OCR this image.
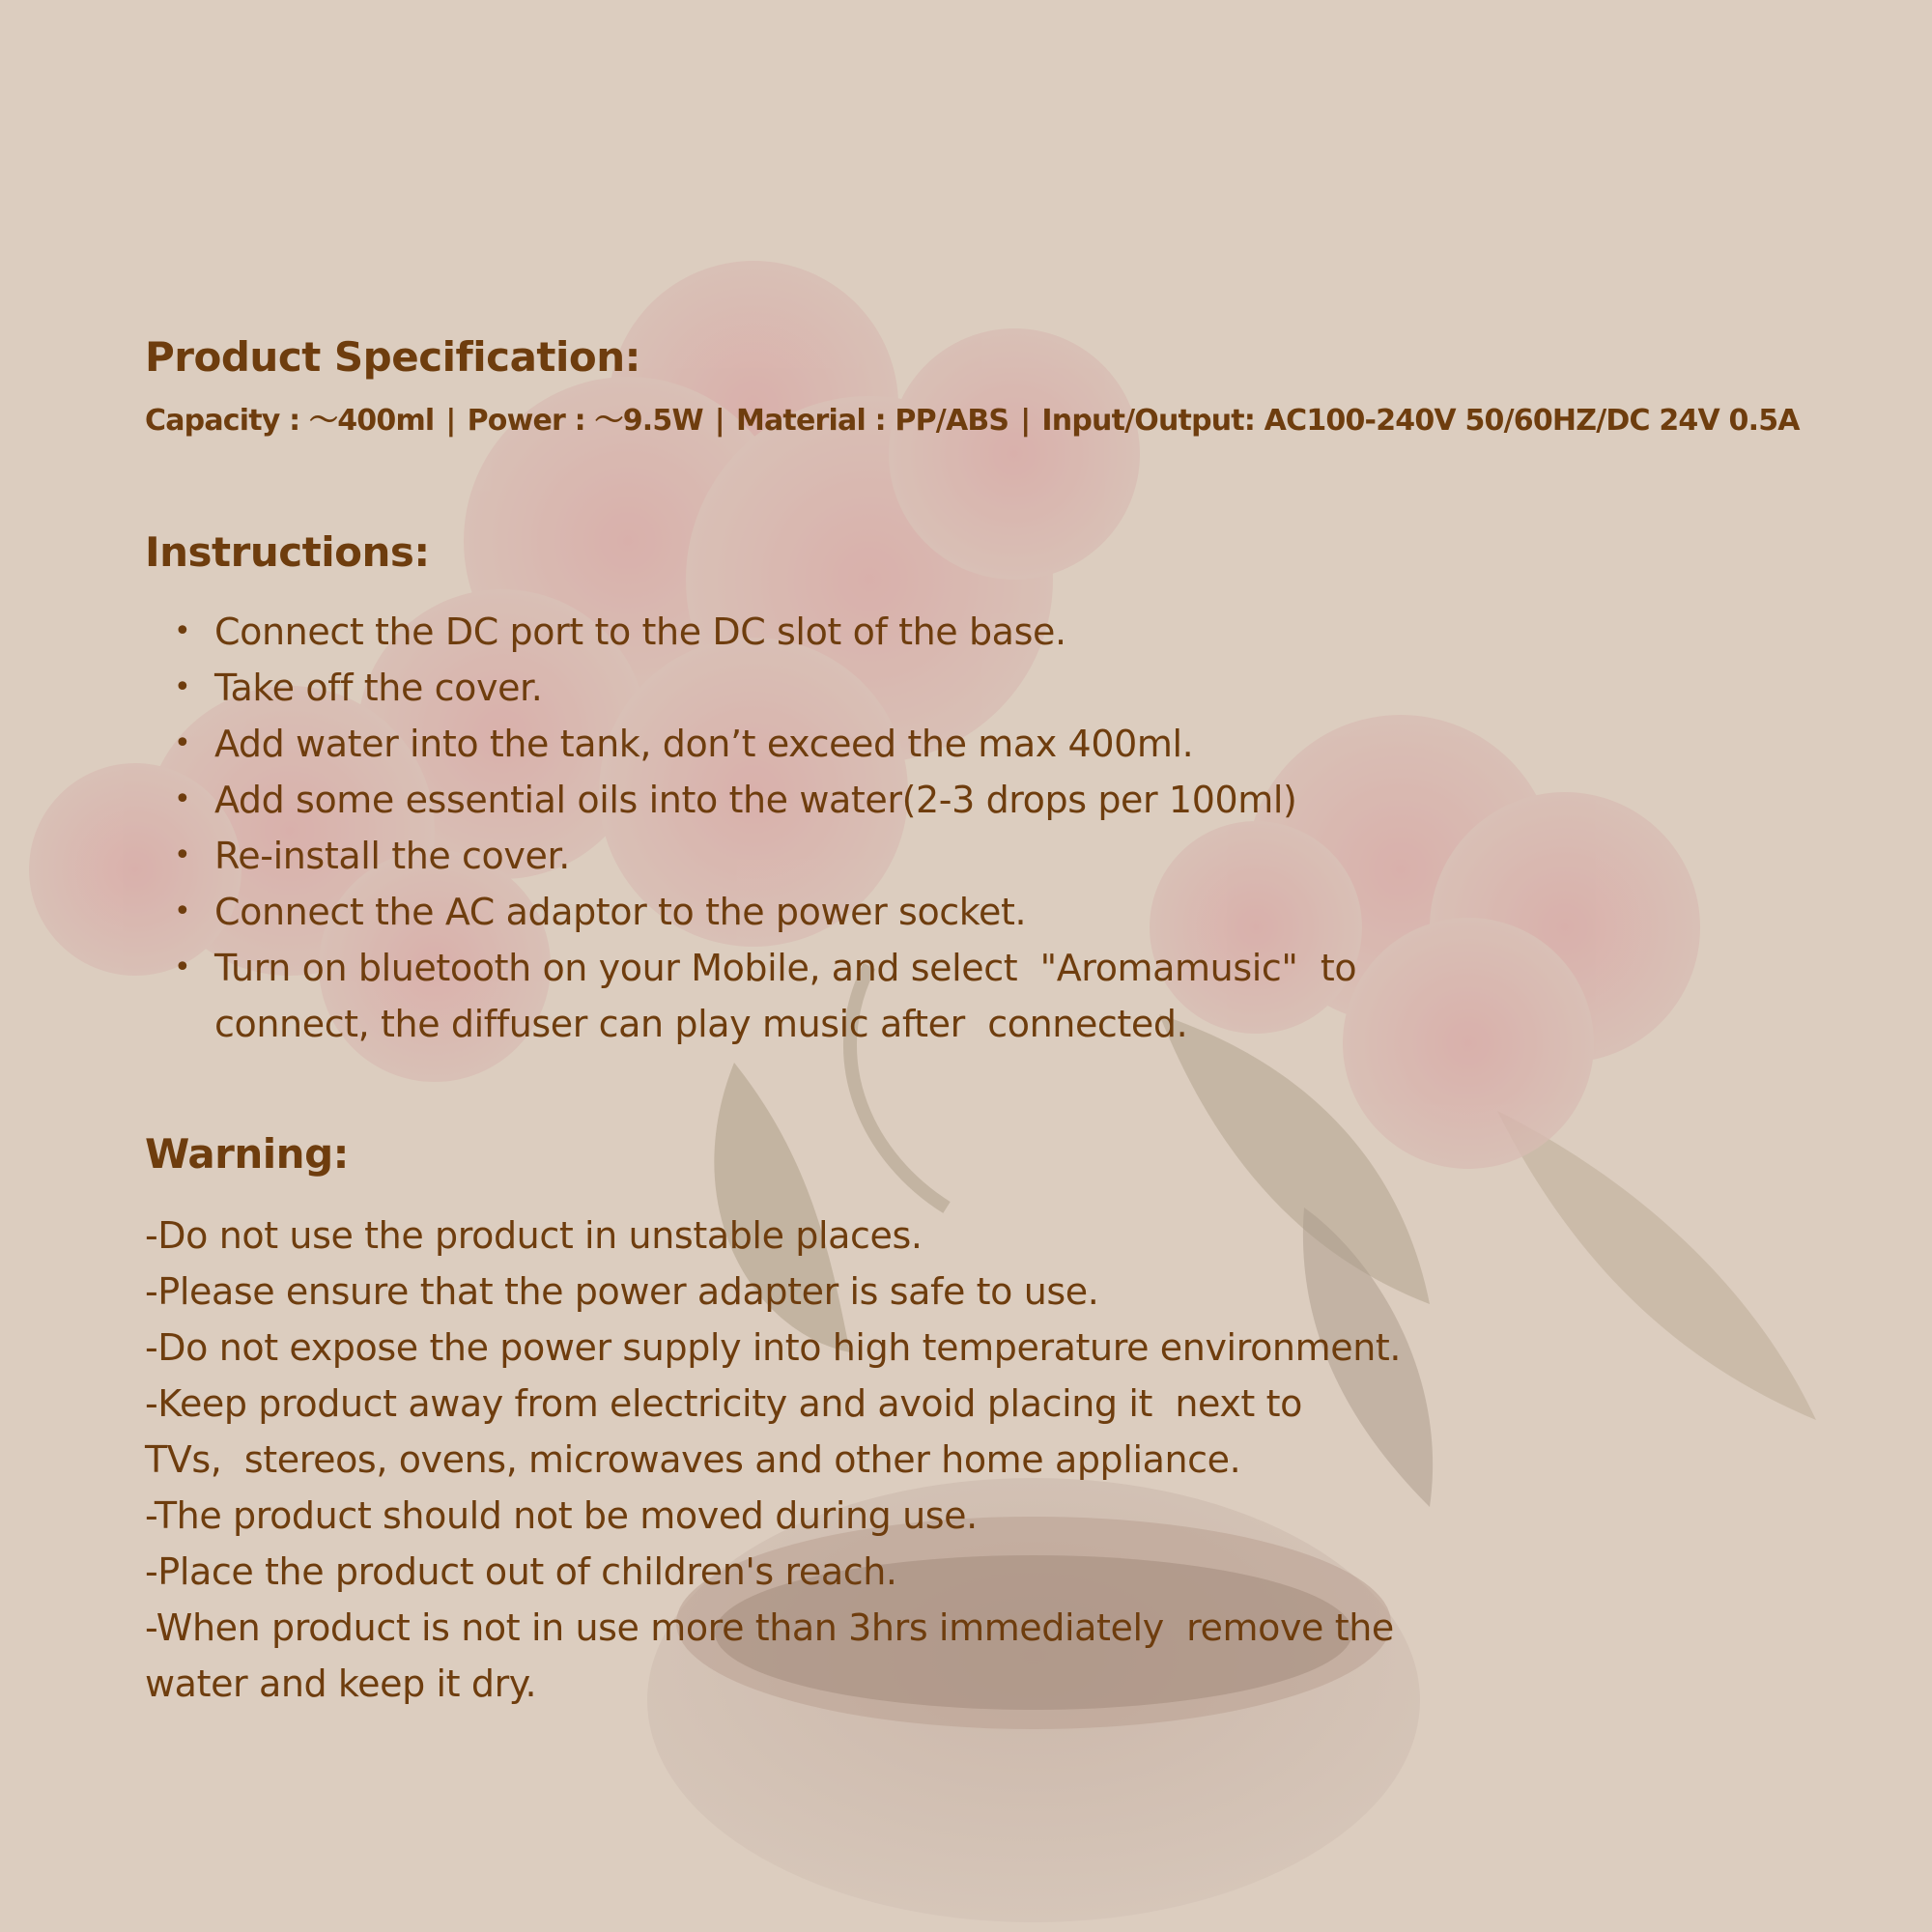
Product Specification:
Capacity : 〜400ml | Power : 〜9.5W | Material : PP/ABS | Input/Output: AC100-240V 50/60HZ/DC 24V 0.5A
Instructions:
• Connect the DC port to the DC slot of the base.
• Take off the cover.
• Add water into the tank, don’t exceed the max 400ml.
• Add some essential oils into the water(2-3 drops per 100ml)
• Re-install the cover.
• Connect the AC adaptor to the power socket.
• Turn on bluetooth on your Mobile, and select  "Aromamusic"  to
connect, the diffuser can play music after  connected.
Warning:
-Do not use the product in unstable places.
-Please ensure that the power adapter is safe to use.
-Do not expose the power supply into high temperature environment.
-Keep product away from electricity and avoid placing it  next to
TVs,  stereos, ovens, microwaves and other home appliance.
-The product should not be moved during use.
-Place the product out of children's reach.
-When product is not in use more than 3hrs immediately  remove the
water and keep it dry.
